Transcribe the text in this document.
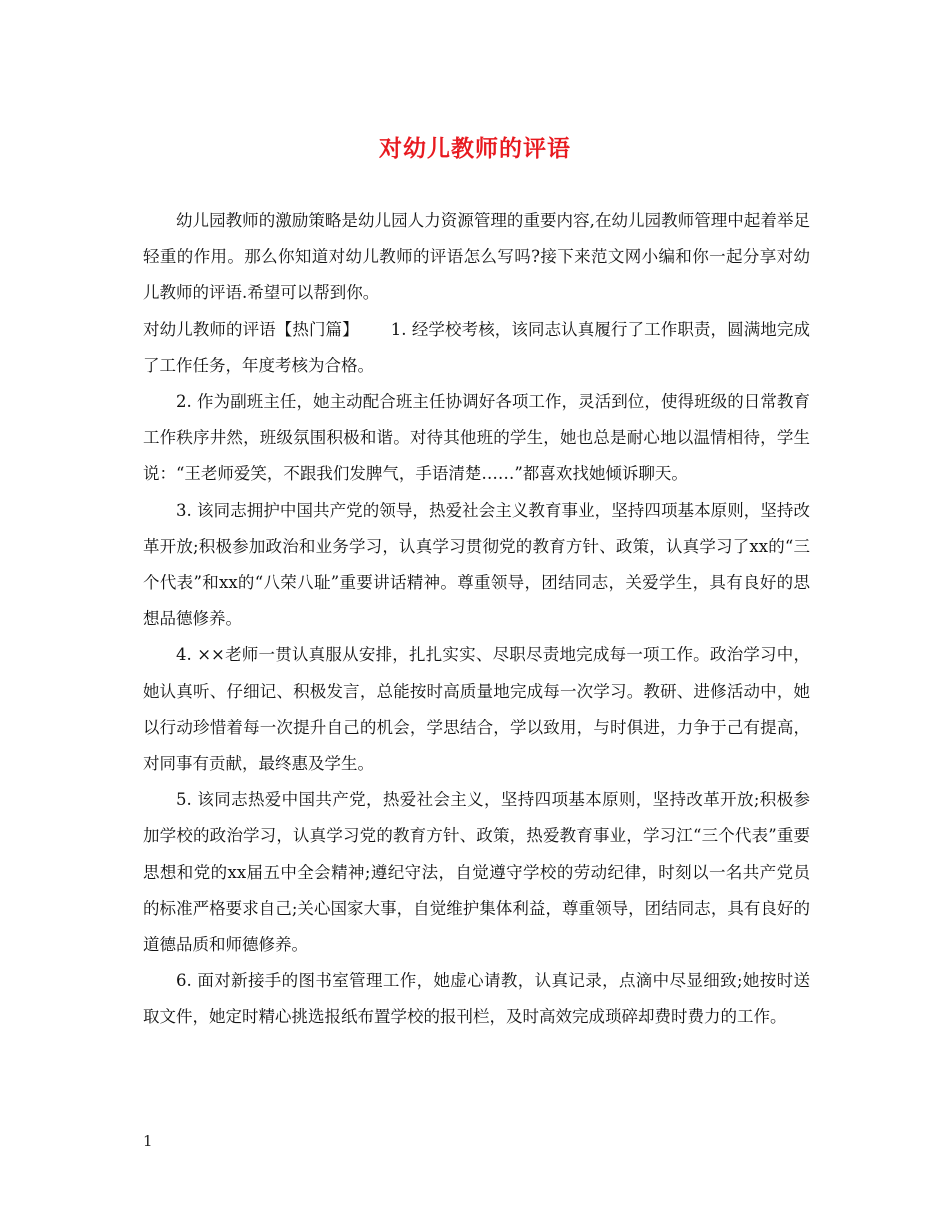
对幼儿教师的评语

幼儿园教师的激励策略是幼儿园人力资源管理的重要内容,在幼儿园教师管理中起着举足轻重的作用。那么你知道对幼儿教师的评语怎么写吗?接下来范文网小编和你一起分享对幼儿教师的评语.希望可以帮到你。

对幼儿教师的评语【热门篇】 1. 经学校考核，该同志认真履行了工作职责，圆满地完成了工作任务，年度考核为合格。

2. 作为副班主任，她主动配合班主任协调好各项工作，灵活到位，使得班级的日常教育工作秩序井然，班级氛围积极和谐。对待其他班的学生，她也总是耐心地以温情相待，学生说：“王老师爱笑，不跟我们发脾气，手语清楚……”都喜欢找她倾诉聊天。

3. 该同志拥护中国共产党的领导，热爱社会主义教育事业，坚持四项基本原则，坚持改革开放;积极参加政治和业务学习，认真学习贯彻党的教育方针、政策，认真学习了xx的“三个代表”和xx的“八荣八耻”重要讲话精神。尊重领导，团结同志，关爱学生，具有良好的思想品德修养。

4. ××老师一贯认真服从安排，扎扎实实、尽职尽责地完成每一项工作。政治学习中，她认真听、仔细记、积极发言，总能按时高质量地完成每一次学习。教研、进修活动中，她以行动珍惜着每一次提升自己的机会，学思结合，学以致用，与时俱进，力争于己有提高，对同事有贡献，最终惠及学生。

5. 该同志热爱中国共产党，热爱社会主义，坚持四项基本原则，坚持改革开放;积极参加学校的政治学习，认真学习党的教育方针、政策，热爱教育事业，学习江“三个代表”重要思想和党的xx届五中全会精神;遵纪守法，自觉遵守学校的劳动纪律，时刻以一名共产党员的标准严格要求自己;关心国家大事，自觉维护集体利益，尊重领导，团结同志，具有良好的道德品质和师德修养。

6. 面对新接手的图书室管理工作，她虚心请教，认真记录，点滴中尽显细致;她按时送取文件，她定时精心挑选报纸布置学校的报刊栏，及时高效完成琐碎却费时费力的工作。

1
